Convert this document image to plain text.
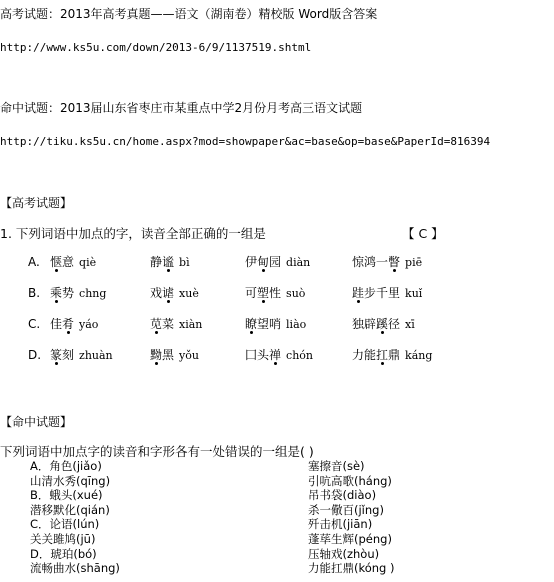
高考试题：2013年高考真题——语文（湖南卷）精校版 Word版含答案
http://www.ks5u.com/down/2013-6/9/1137519.shtml
命中试题：2013届山东省枣庄市某重点中学2月份月考高三语文试题
http://tiku.ks5u.cn/home.aspx?mod=showpaper&ac=base&op=base&PaperId=816394
【高考试题】
1. 下列词语中加点的字，读音全部正确的一组是	【 C 】
A. 惬意 qiè	静谧 bì	伊甸园 diàn	惊鸿一瞥 piē
B. 乘势 chng	戏谑 xuè	可塑性 suò	跬步千里 kuǐ
C. 佳肴 yáo	苋菜 xiàn	瞭望哨 liào	独辟蹊径 xī
D. 篆刻 zhuàn	黝黑 yǒu	囗头禅 chón	力能扛鼎 káng
【命中试题】
下列词语中加点字的读音和字形各有一处错误的一组是( )
A．角色(jiǎo)	塞擦音(sè)
山清水秀(qīng)	引吭高歌(háng)
B．蛾头(xué)	吊书袋(diào)
潜移默化(qián)	杀一儆百(jǐng)
C．论语(lún)	歼击机(jiān)
关关雎鸠(jū)	蓬荜生辉(péng)
D．琥珀(bó)	压轴戏(zhòu)
流畅曲水(shāng)	力能扛鼎(kóng )
